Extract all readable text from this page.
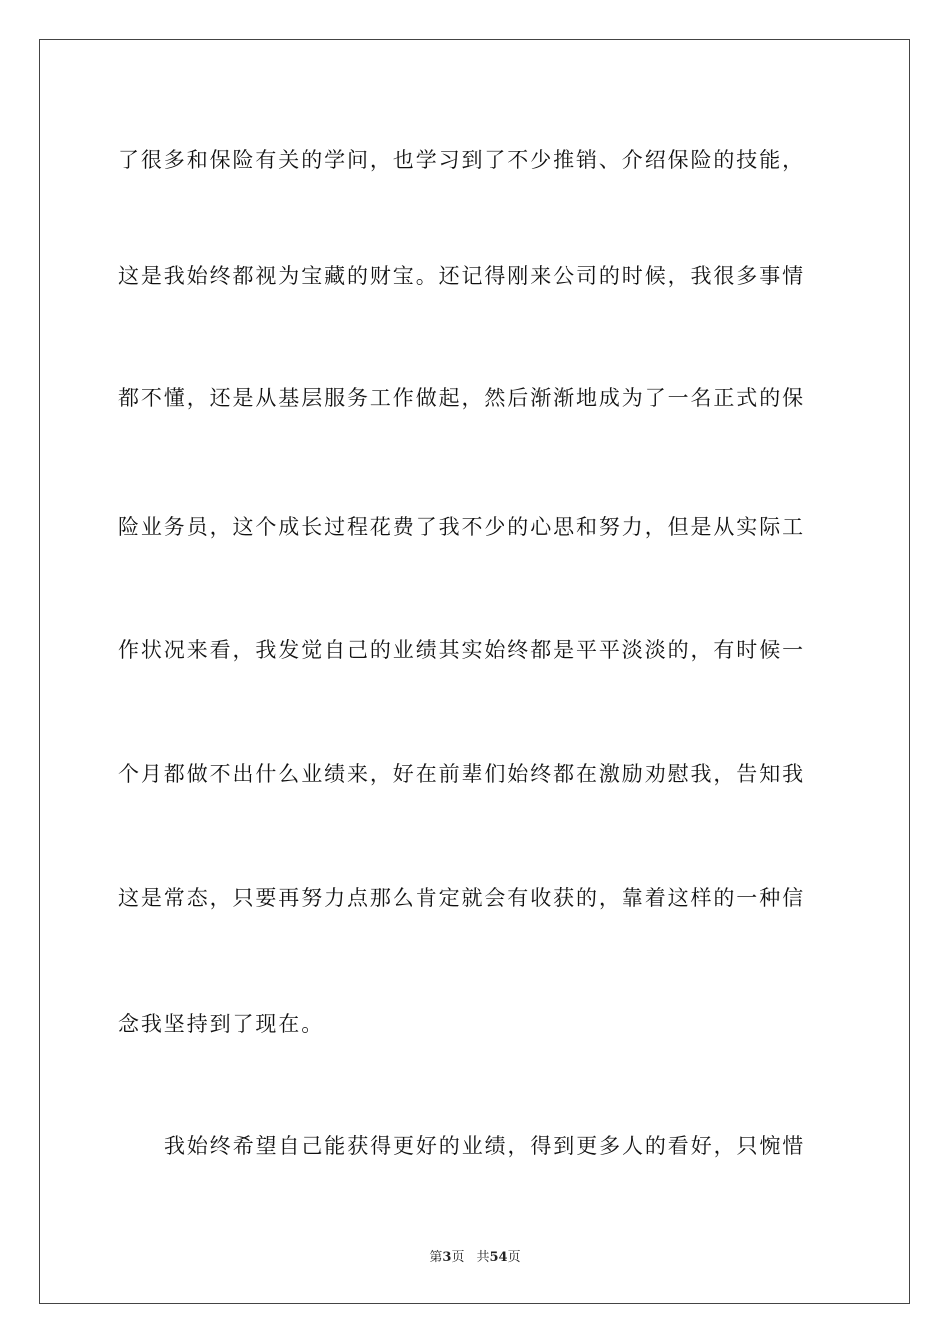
了很多和保险有关的学问，也学习到了不少推销、介绍保险的技能，
这是我始终都视为宝藏的财宝。还记得刚来公司的时候，我很多事情
都不懂，还是从基层服务工作做起，然后渐渐地成为了一名正式的保
险业务员，这个成长过程花费了我不少的心思和努力，但是从实际工
作状况来看，我发觉自己的业绩其实始终都是平平淡淡的，有时候一
个月都做不出什么业绩来，好在前辈们始终都在激励劝慰我，告知我
这是常态，只要再努力点那么肯定就会有收获的，靠着这样的一种信
念我坚持到了现在。
我始终希望自己能获得更好的业绩，得到更多人的看好，只惋惜
第3页 共54页
